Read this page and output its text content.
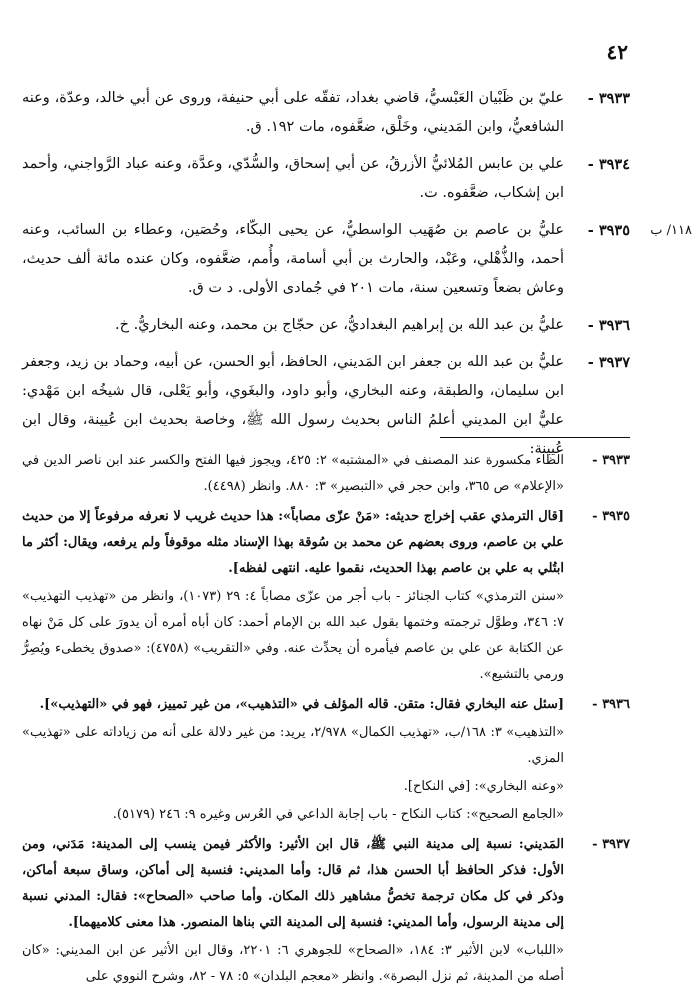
٤٢
٣٩٣٣ -
عليّ بن ظَبْيان العَبْسيُّ، قاضي بغداد، تفقّه على أبي حنيفة، وروى عن أبي خالد، وعدّة، وعنه الشافعيُّ، وابن المَديني، وخَلْق، ضعَّفوه، مات ١٩٢. ق.
٣٩٣٤ -
علي بن عابس المُلائيُّ الأزرقُ، عن أبي إسحاق، والسُّدّي، وعدَّة، وعنه عباد الرَّواجني، وأحمد ابن إشكاب، ضعَّفوه. ت.
١١٨/ ب
٣٩٣٥ -
عليُّ بن عاصم بن صُهَيب الواسطيُّ، عن يحيى البكّاء، وحُصَين، وعطاء بن السائب، وعنه أحمد، والذُّهْلي، وعَبْد، والحارث بن أبي أسامة، وأُمم، ضعَّفوه، وكان عنده مائة ألف حديث، وعاش بضعاً وتسعين سنة، مات ٢٠١ في جُمادى الأولى. د ت ق.
٣٩٣٦ -
عليُّ بن عبد الله بن إبراهيم البغداديُّ، عن حجّاج بن محمد، وعنه البخاريُّ. خ.
٣٩٣٧ -
عليُّ بن عبد الله بن جعفر ابن المَديني، الحافظ، أبو الحسن، عن أبيه، وحماد بن زيد، وجعفر ابن سليمان، والطبقة، وعنه البخاري، وأبو داود، والبغَوي، وأبو يَعْلى، قال شيخُه ابن مَهْدي: عليٌّ ابن المديني أعلمُ الناس بحديث رسول الله ﷺ، وخاصة بحديث ابن عُيينة، وقال ابن عُيينة:
٣٩٣٣ -

الظاء مكسورة عند المصنف في «المشتبه» ٢: ٤٢٥، ويجوز فيها الفتح والكسر عند ابن ناصر الدين في «الإعلام» ص ٣٦٥، وابن حجر في «التبصير» ٣: ٨٨٠. وانظر (٤٤٩٨).

٣٩٣٥ -

[قال الترمذي عقب إخراج حديثه: «مَنْ عزّى مصاباً»: هذا حديث غريب لا نعرفه مرفوعاً إلا من حديث علي بن عاصم، وروى بعضهم عن محمد بن سُوقة بهذا الإسناد مثله موقوفاً ولم يرفعه، ويقال: أكثر ما ابتُلي به علي بن عاصم بهذا الحديث، نقموا عليه. انتهى لفظه].

«سنن الترمذي» كتاب الجنائز - باب أجر من عزّى مصاباً ٤: ٢٩ (١٠٧٣)، وانظر من «تهذيب التهذيب» ٧: ٣٤٦، وطوَّل ترجمته وختمها بقول عبد الله بن الإمام أحمد: كان أباه أمره أن يدورَ على كل مَنْ نهاه عن الكتابة عن علي بن عاصم فيأمره أن يحدِّث عنه. وفي «التقريب» (٤٧٥٨): «صدوق يخطىء ويُصِرُّ ورمي بالتشيع».

٣٩٣٦ -

[سئل عنه البخاري فقال: متقن. قاله المؤلف في «التذهيب»، من غير تمييز، فهو في «التهذيب»].

«التذهيب» ٣: ١٦٨/ب، «تهذيب الكمال» ٢/٩٧٨، يريد: من غير دلالة على أنه من زياداته على «تهذيب» المزي.

«وعنه البخاري»: [في النكاح].

«الجامع الصحيح»: كتاب النكاح - باب إجابة الداعي في العُرس وغيره ٩: ٢٤٦ (٥١٧٩).

٣٩٣٧ -

المَديني: نسبة إلى مدينة النبي ﷺ، قال ابن الأثير: والأكثر فيمن ينسب إلى المدينة: مَدَني، ومن الأول: فذكر الحافظ أبا الحسن هذا، ثم قال: وأما المديني: فنسبة إلى أماكن، وساق سبعة أماكن، وذكر في كل مكان ترجمة تخصُّ مشاهير ذلك المكان. وأما صاحب «الصحاح»: فقال: المدني نسبة إلى مدينة الرسول، وأما المديني: فنسبة إلى المدينة التي بناها المنصور. هذا معنى كلاميهما].

«اللباب» لابن الأثير ٣: ١٨٤، «الصحاح» للجوهري ٦: ٢٢٠١، وقال ابن الأثير عن ابن المديني: «كان أصله من المدينة، ثم نزل البصرة». وانظر «معجم البلدان» ٥: ٧٨ - ٨٢، وشرح النووي على
